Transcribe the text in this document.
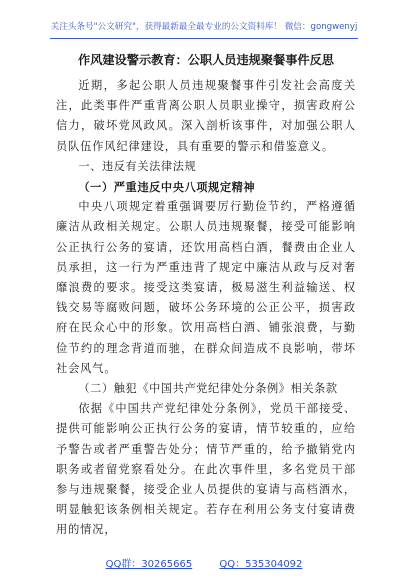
关注头条号"公文研究"，获得最新最全最专业的公文资料库！ 微信：gongwenyj
作风建设警示教育：公职人员违规聚餐事件反思

近期，多起公职人员违规聚餐事件引发社会高度关注，此类事件严重背离公职人员职业操守，损害政府公信力，破坏党风政风。深入剖析该事件，对加强公职人员队伍作风纪律建设，具有重要的警示和借鉴意义。

一、违反有关法律法规

（一）严重违反中央八项规定精神

中央八项规定着重强调要厉行勤俭节约，严格遵循廉洁从政相关规定。公职人员违规聚餐，接受可能影响公正执行公务的宴请，还饮用高档白酒，餐费由企业人员承担，这一行为严重违背了规定中廉洁从政与反对奢靡浪费的要求。接受这类宴请，极易滋生利益输送、权钱交易等腐败问题，破坏公务环境的公正公平，损害政府在民众心中的形象。饮用高档白酒、铺张浪费，与勤俭节约的理念背道而驰，在群众间造成不良影响，带坏社会风气。

（二）触犯《中国共产党纪律处分条例》相关条款

依据《中国共产党纪律处分条例》，党员干部接受、提供可能影响公正执行公务的宴请，情节较重的，应给予警告或者严重警告处分；情节严重的，给予撤销党内职务或者留党察看处分。在此次事件里，多名党员干部参与违规聚餐，接受企业人员提供的宴请与高档酒水，明显触犯该条例相关规定。若存在利用公务支付宴请费用的情况，

QQ群：30265665	QQ：535304092
